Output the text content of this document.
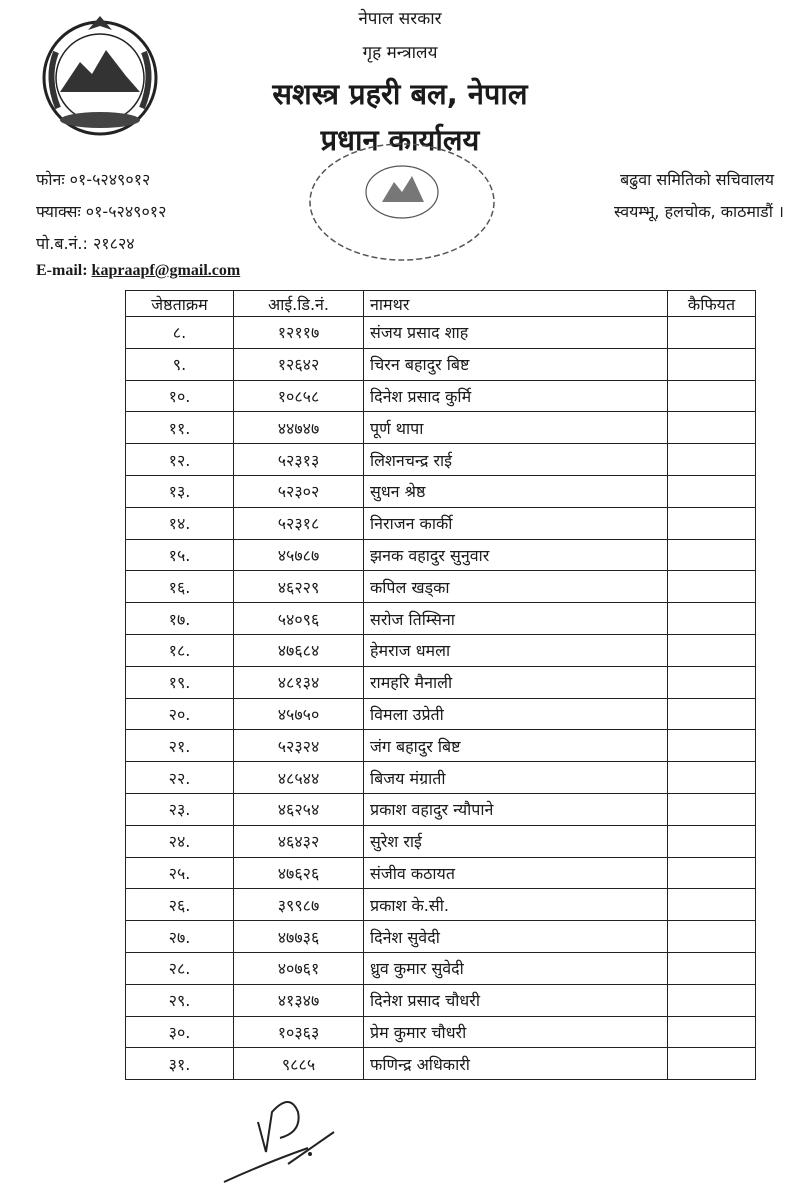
नेपाल सरकार
गृह मन्त्रालय
सशस्त्र प्रहरी बल, नेपाल
प्रधान कार्यालय
फोनः ०१-५२४९०१२
फ्याक्सः ०१-५२४९०१२
पो.ब.नं.: २१८२४
E-mail: kapraapf@gmail.com
बढुवा समितिको सचिवालय
स्वयम्भू, हलचोक, काठमाडौं ।
जेष्ठताक्रम	आई.डि.नं.	नामथर	कैफियत
८.	१२११७	संजय प्रसाद शाह	
९.	१२६४२	चिरन बहादुर बिष्ट	
१०.	१०८५८	दिनेश प्रसाद कुर्मि	
११.	४४७४७	पूर्ण थापा	
१२.	५२३१३	लिशनचन्द्र राई	
१३.	५२३०२	सुधन श्रेष्ठ	
१४.	५२३१८	निराजन कार्की	
१५.	४५७८७	झनक वहादुर सुनुवार	
१६.	४६२२९	कपिल खड्का	
१७.	५४०९६	सरोज तिम्सिना	
१८.	४७६८४	हेमराज धमला	
१९.	४८१३४	रामहरि मैनाली	
२०.	४५७५०	विमला उप्रेती	
२१.	५२३२४	जंग बहादुर बिष्ट	
२२.	४८५४४	बिजय मंग्राती	
२३.	४६२५४	प्रकाश वहादुर न्यौपाने	
२४.	४६४३२	सुरेश राई	
२५.	४७६२६	संजीव कठायत	
२६.	३९९८७	प्रकाश के.सी.	
२७.	४७७३६	दिनेश सुवेदी	
२८.	४०७६१	ध्रुव कुमार सुवेदी	
२९.	४१३४७	दिनेश प्रसाद चौधरी	
३०.	१०३६३	प्रेम कुमार चौधरी	
३१.	९८८५	फणिन्द्र अधिकारी	
